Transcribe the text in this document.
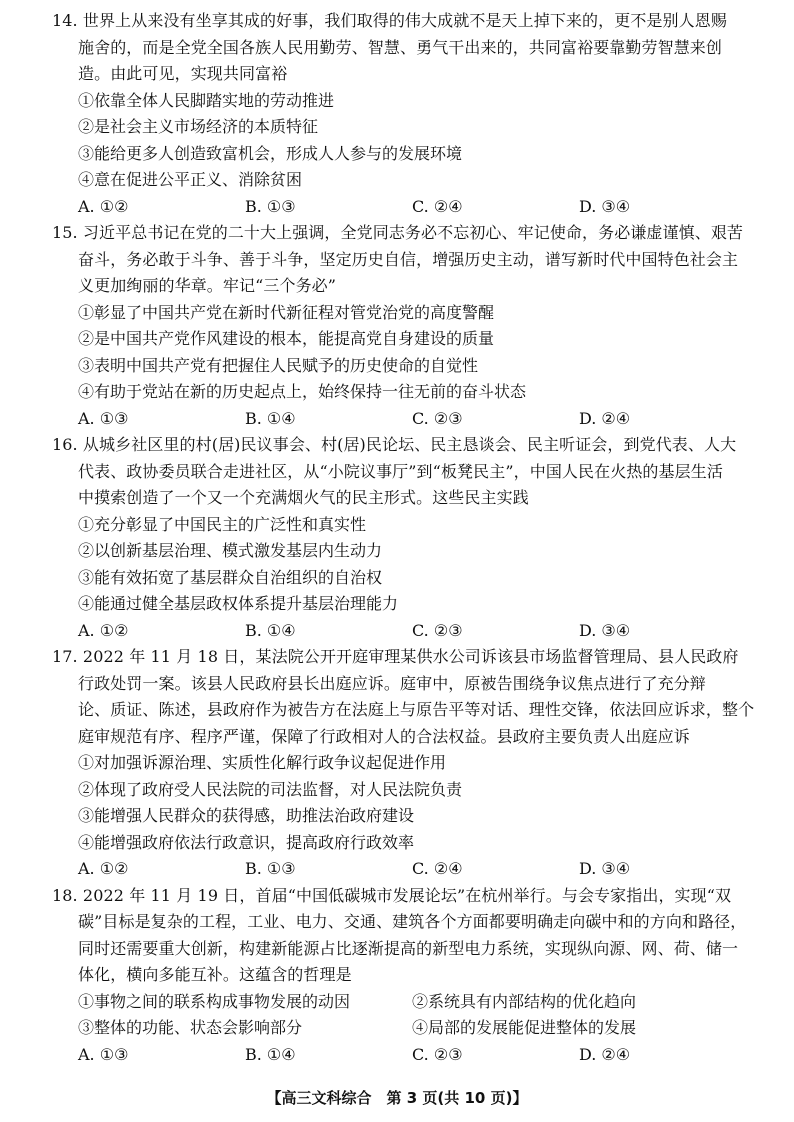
14. 世界上从来没有坐享其成的好事，我们取得的伟大成就不是天上掉下来的，更不是别人恩赐
施舍的，而是全党全国各族人民用勤劳、智慧、勇气干出来的，共同富裕要靠勤劳智慧来创
造。由此可见，实现共同富裕
①依靠全体人民脚踏实地的劳动推进
②是社会主义市场经济的本质特征
③能给更多人创造致富机会，形成人人参与的发展环境
④意在促进公平正义、消除贫困
A. ①②	B. ①③	C. ②④	D. ③④
15. 习近平总书记在党的二十大上强调，全党同志务必不忘初心、牢记使命，务必谦虚谨慎、艰苦
奋斗，务必敢于斗争、善于斗争，坚定历史自信，增强历史主动，谱写新时代中国特色社会主
义更加绚丽的华章。牢记“三个务必”
①彰显了中国共产党在新时代新征程对管党治党的高度警醒
②是中国共产党作风建设的根本，能提高党自身建设的质量
③表明中国共产党有把握住人民赋予的历史使命的自觉性
④有助于党站在新的历史起点上，始终保持一往无前的奋斗状态
A. ①③	B. ①④	C. ②③	D. ②④
16. 从城乡社区里的村(居)民议事会、村(居)民论坛、民主恳谈会、民主听证会，到党代表、人大
代表、政协委员联合走进社区，从“小院议事厅”到“板凳民主”，中国人民在火热的基层生活
中摸索创造了一个又一个充满烟火气的民主形式。这些民主实践
①充分彰显了中国民主的广泛性和真实性
②以创新基层治理、模式激发基层内生动力
③能有效拓宽了基层群众自治组织的自治权
④能通过健全基层政权体系提升基层治理能力
A. ①②	B. ①④	C. ②③	D. ③④
17. 2022 年 11 月 18 日，某法院公开开庭审理某供水公司诉该县市场监督管理局、县人民政府
行政处罚一案。该县人民政府县长出庭应诉。庭审中，原被告围绕争议焦点进行了充分辩
论、质证、陈述，县政府作为被告方在法庭上与原告平等对话、理性交锋，依法回应诉求，整个
庭审规范有序、程序严谨，保障了行政相对人的合法权益。县政府主要负责人出庭应诉
①对加强诉源治理、实质性化解行政争议起促进作用
②体现了政府受人民法院的司法监督，对人民法院负责
③能增强人民群众的获得感，助推法治政府建设
④能增强政府依法行政意识，提高政府行政效率
A. ①②	B. ①③	C. ②④	D. ③④
18. 2022 年 11 月 19 日，首届“中国低碳城市发展论坛”在杭州举行。与会专家指出，实现“双
碳”目标是复杂的工程，工业、电力、交通、建筑各个方面都要明确走向碳中和的方向和路径，
同时还需要重大创新，构建新能源占比逐渐提高的新型电力系统，实现纵向源、网、荷、储一
体化，横向多能互补。这蕴含的哲理是
①事物之间的联系构成事物发展的动因	②系统具有内部结构的优化趋向
③整体的功能、状态会影响部分	④局部的发展能促进整体的发展
A. ①③	B. ①④	C. ②③	D. ②④
【高三文科综合　第 3 页(共 10 页)】
